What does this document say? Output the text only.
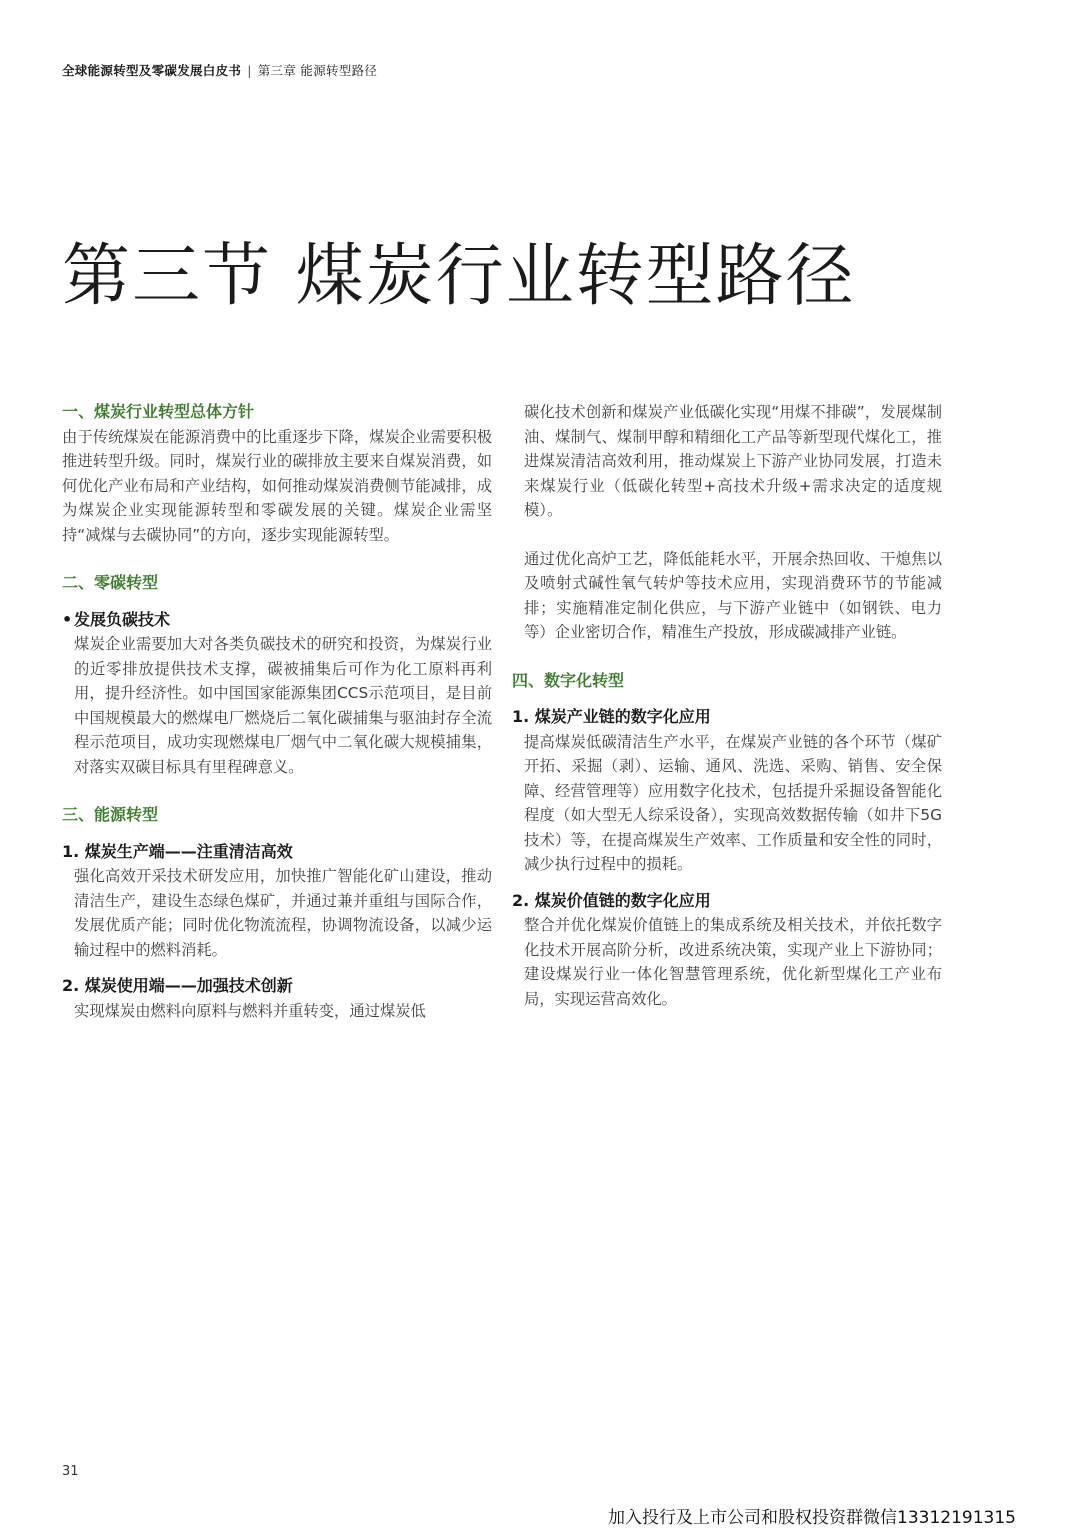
全球能源转型及零碳发展白皮书 | 第三章 能源转型路径
第三节 煤炭行业转型路径
一、煤炭行业转型总体方针

由于传统煤炭在能源消费中的比重逐步下降，煤炭企业需要积极推进转型升级。同时，煤炭行业的碳排放主要来自煤炭消费，如何优化产业布局和产业结构，如何推动煤炭消费侧节能减排，成为煤炭企业实现能源转型和零碳发展的关键。煤炭企业需坚持“减煤与去碳协同”的方向，逐步实现能源转型。

二、零碳转型
• 发展负碳技术

煤炭企业需要加大对各类负碳技术的研究和投资，为煤炭行业的近零排放提供技术支撑，碳被捕集后可作为化工原料再利用，提升经济性。如中国国家能源集团CCS示范项目，是目前中国规模最大的燃煤电厂燃烧后二氧化碳捕集与驱油封存全流程示范项目，成功实现燃煤电厂烟气中二氧化碳大规模捕集，对落实双碳目标具有里程碑意义。

三、能源转型
1. 煤炭生产端——注重清洁高效

强化高效开采技术研发应用，加快推广智能化矿山建设，推动清洁生产，建设生态绿色煤矿，并通过兼并重组与国际合作，发展优质产能；同时优化物流流程，协调物流设备，以减少运输过程中的燃料消耗。

2. 煤炭使用端——加强技术创新

实现煤炭由燃料向原料与燃料并重转变，通过煤炭低

碳化技术创新和煤炭产业低碳化实现“用煤不排碳”，发展煤制油、煤制气、煤制甲醇和精细化工产品等新型现代煤化工，推进煤炭清洁高效利用，推动煤炭上下游产业协同发展，打造未来煤炭行业（低碳化转型+高技术升级+需求决定的适度规模）。

通过优化高炉工艺，降低能耗水平，开展余热回收、干熄焦以及喷射式碱性氧气转炉等技术应用，实现消费环节的节能减排；实施精准定制化供应，与下游产业链中（如钢铁、电力等）企业密切合作，精准生产投放，形成碳减排产业链。

四、数字化转型
1. 煤炭产业链的数字化应用

提高煤炭低碳清洁生产水平，在煤炭产业链的各个环节（煤矿开拓、采掘（剥）、运输、通风、洗选、采购、销售、安全保障、经营管理等）应用数字化技术，包括提升采掘设备智能化程度（如大型无人综采设备），实现高效数据传输（如井下5G技术）等，在提高煤炭生产效率、工作质量和安全性的同时，减少执行过程中的损耗。

2. 煤炭价值链的数字化应用

整合并优化煤炭价值链上的集成系统及相关技术，并依托数字化技术开展高阶分析，改进系统决策，实现产业上下游协同；建设煤炭行业一体化智慧管理系统，优化新型煤化工产业布局，实现运营高效化。

31
加入投行及上市公司和股权投资群微信13312191315
